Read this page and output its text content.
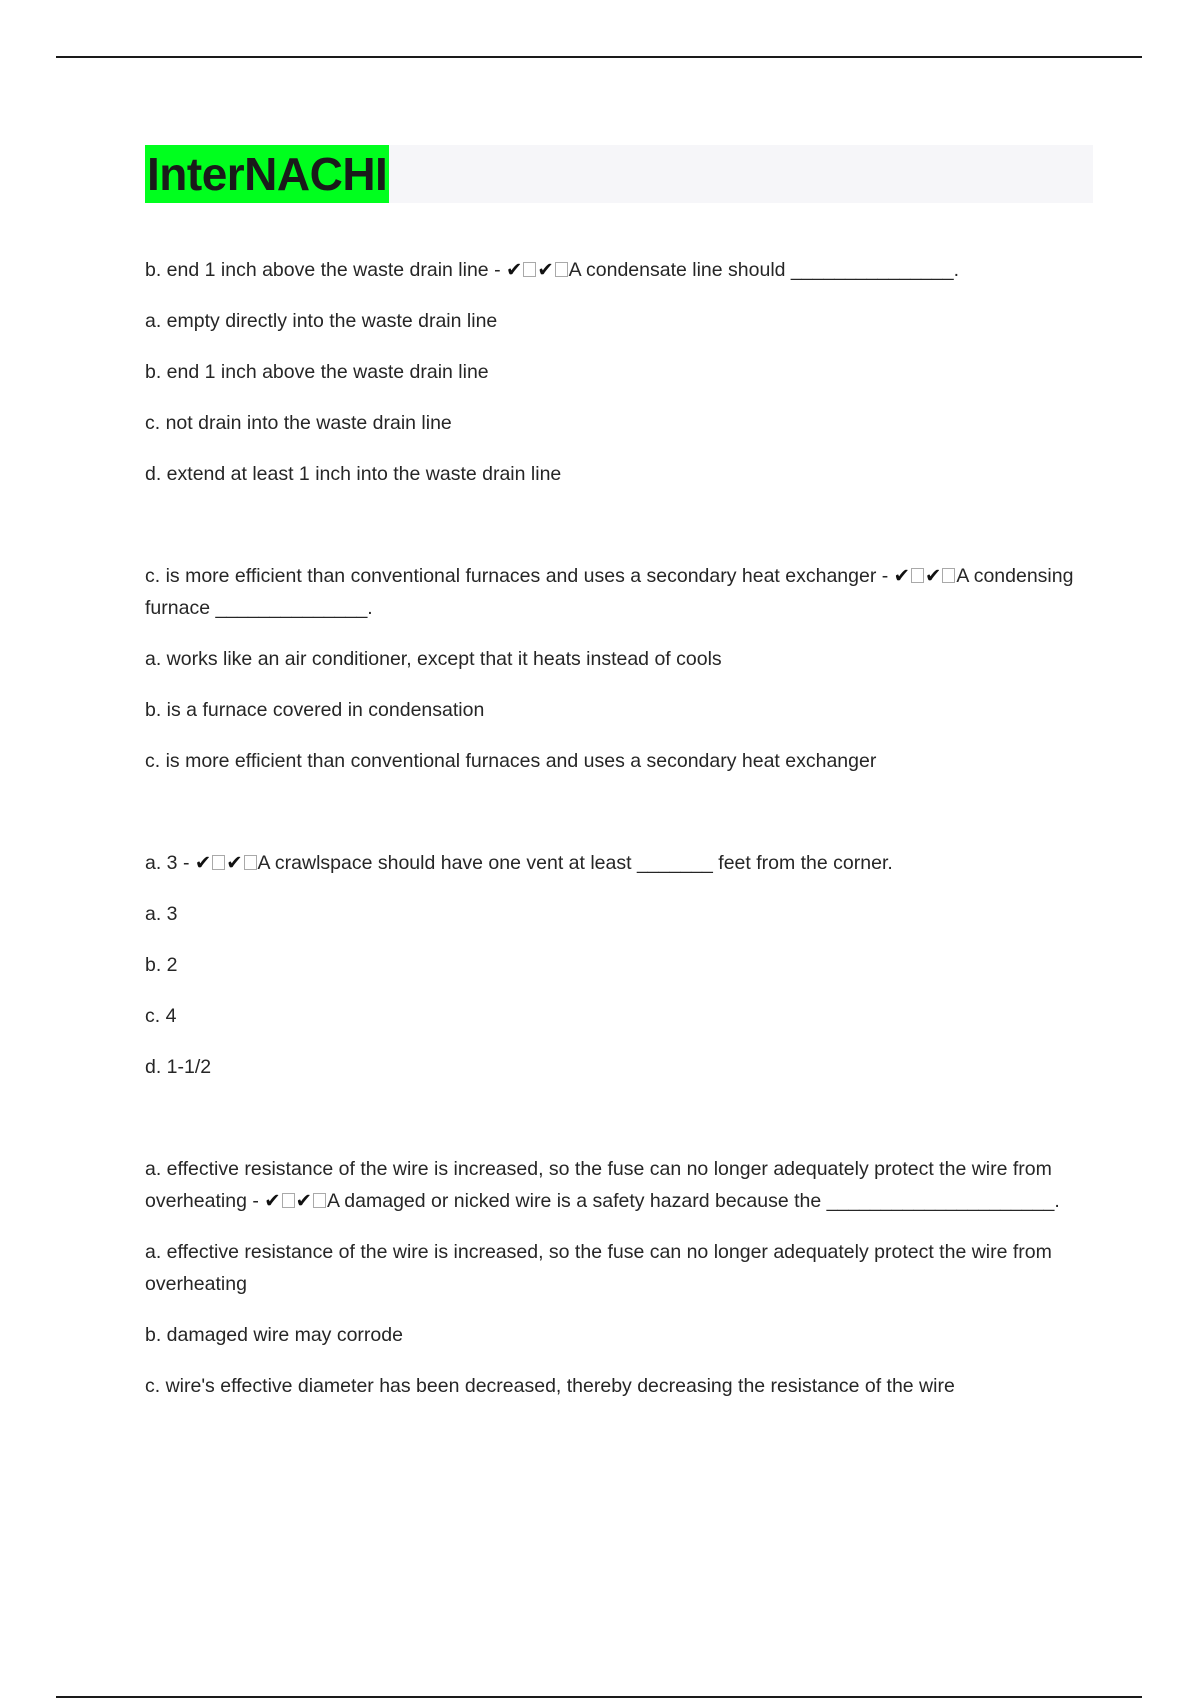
InterNACHI

b. end 1 inch above the waste drain line - ✔ ✔ A condensate line should _______________.

a. empty directly into the waste drain line

b. end 1 inch above the waste drain line

c. not drain into the waste drain line

d. extend at least 1 inch into the waste drain line

c. is more efficient than conventional furnaces and uses a secondary heat exchanger - ✔ ✔ A condensing furnace ______________.

a. works like an air conditioner, except that it heats instead of cools

b. is a furnace covered in condensation

c. is more efficient than conventional furnaces and uses a secondary heat exchanger

a. 3 - ✔ ✔ A crawlspace should have one vent at least _______ feet from the corner.

a. 3

b. 2

c. 4

d. 1-1/2

a. effective resistance of the wire is increased, so the fuse can no longer adequately protect the wire from overheating - ✔ ✔ A damaged or nicked wire is a safety hazard because the _____________________.

a. effective resistance of the wire is increased, so the fuse can no longer adequately protect the wire from overheating

b. damaged wire may corrode

c. wire's effective diameter has been decreased, thereby decreasing the resistance of the wire
